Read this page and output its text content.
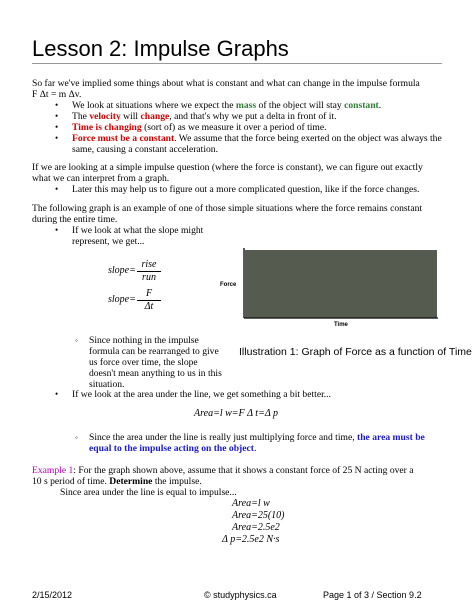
Lesson 2: Impulse Graphs
So far we've implied some things about what is constant and what can change in the impulse formula
F Δt = m Δv.
• We look at situations where we expect the mass of the object will stay constant.
• The velocity will change, and that's why we put a delta in front of it.
• Time is changing (sort of) as we measure it over a period of time.
• Force must be a constant. We assume that the force being exerted on the object was always the
same, causing a constant acceleration.
If we are looking at a simple impulse question (where the force is constant), we can figure out exactly
what we can interpret from a graph.
• Later this may help us to figure out a more complicated question, like if the force changes.
The following graph is an example of one of those simple situations where the force remains constant
during the entire time.
• If we look at what the slope might
represent, we get...
slope=
rise
run
slope=
F
Δt
◦ Since nothing in the impulse
formula can be rearranged to give
us force over time, the slope
doesn't mean anything to us in this
situation.
Force
Time
Illustration 1: Graph of Force as a function of Time
• If we look at the area under the line, we get something a bit better...
Area=l w=F Δ t=Δ p
◦ Since the area under the line is really just multiplying force and time, the area must be
equal to the impulse acting on the object.
Example 1: For the graph shown above, assume that it shows a constant force of 25 N acting over a
10 s period of time. Determine the impulse.
Since area under the line is equal to impulse...
Area=l w
Area=25(10)
Area=2.5e2
Δ p=2.5e2 N·s
2/15/2012	© studyphysics.ca	Page 1 of 3 / Section 9.2
